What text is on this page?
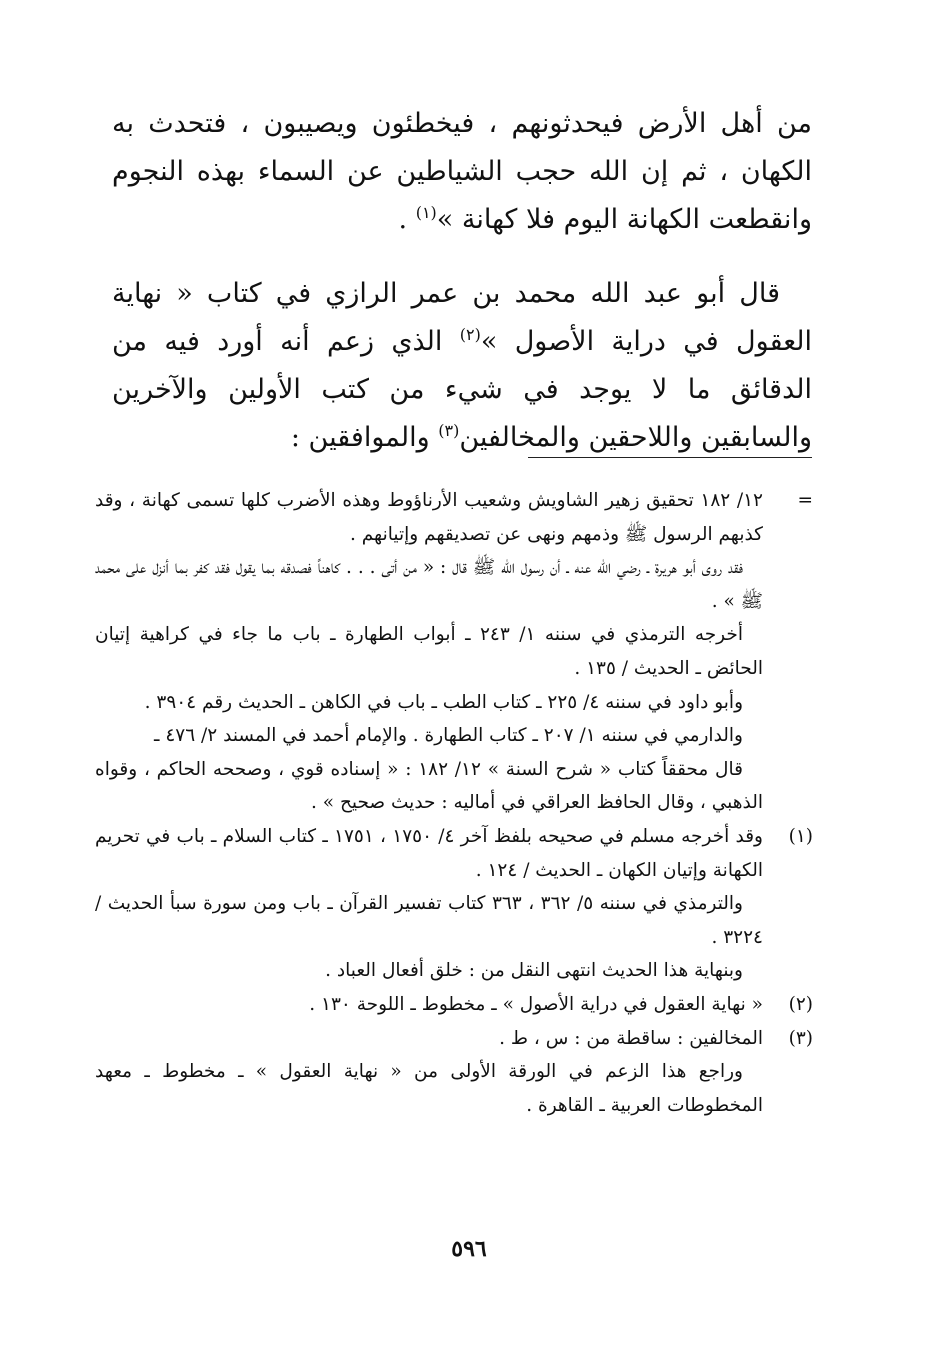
من أهل الأرض فيحدثونهم ، فيخطئون ويصيبون ، فتحدث به الكهان ، ثم إن الله حجب الشياطين عن السماء بهذه النجوم وانقطعت الكهانة اليوم فلا كهانة »$^{(١)}$ .

قال أبو عبد الله محمد بن عمر الرازي في كتاب « نهاية العقول في دراية الأصول »$^{(٢)}$ الذي زعم أنه أورد فيه من الدقائق ما لا يوجد في شيء من كتب الأولين والآخرين والسابقين واللاحقين والمخالفين$^{(٣)}$ والموافقين :

=
١٢/ ١٨٢ تحقيق زهير الشاويش وشعيب الأرناؤوط وهذه الأضرب كلها تسمى كهانة ، وقد كذبهم الرسول ﷺ وذمهم ونهى عن تصديقهم وإتيانهم .
فقد روى أبو هريرة ـ رضي الله عنه ـ أن رسول الله ﷺ قال : « من أتى . . . كاهناً فصدقه بما يقول فقد كفر بما أنزل على محمد ﷺ » .
أخرجه الترمذي في سننه ١/ ٢٤٣ ـ أبواب الطهارة ـ باب ما جاء في كراهية إتيان الحائض ـ الحديث / ١٣٥ .
وأبو داود في سننه ٤/ ٢٢٥ ـ كتاب الطب ـ باب في الكاهن ـ الحديث رقم ٣٩٠٤ .
والدارمي في سننه ١/ ٢٠٧ ـ كتاب الطهارة . والإمام أحمد في المسند ٢/ ٤٧٦ ـ
قال محققاً كتاب « شرح السنة » ١٢/ ١٨٢ : « إسناده قوي ، وصححه الحاكم ، وقواه الذهبي ، وقال الحافظ العراقي في أماليه : حديث صحيح » .
(١)
وقد أخرجه مسلم في صحيحه بلفظ آخر ٤/ ١٧٥٠ ، ١٧٥١ ـ كتاب السلام ـ باب في تحريم الكهانة وإتيان الكهان ـ الحديث / ١٢٤ .
والترمذي في سننه ٥/ ٣٦٢ ، ٣٦٣ كتاب تفسير القرآن ـ باب ومن سورة سبأ الحديث / ٣٢٢٤ .
وبنهاية هذا الحديث انتهى النقل من : خلق أفعال العباد .
(٢)
« نهاية العقول في دراية الأصول » ـ مخطوط ـ اللوحة ١٣٠ .
(٣)
المخالفين : ساقطة من : س ، ط .
وراجع هذا الزعم في الورقة الأولى من « نهاية العقول » ـ مخطوط ـ معهد المخطوطات العربية ـ القاهرة .
٥٩٦
